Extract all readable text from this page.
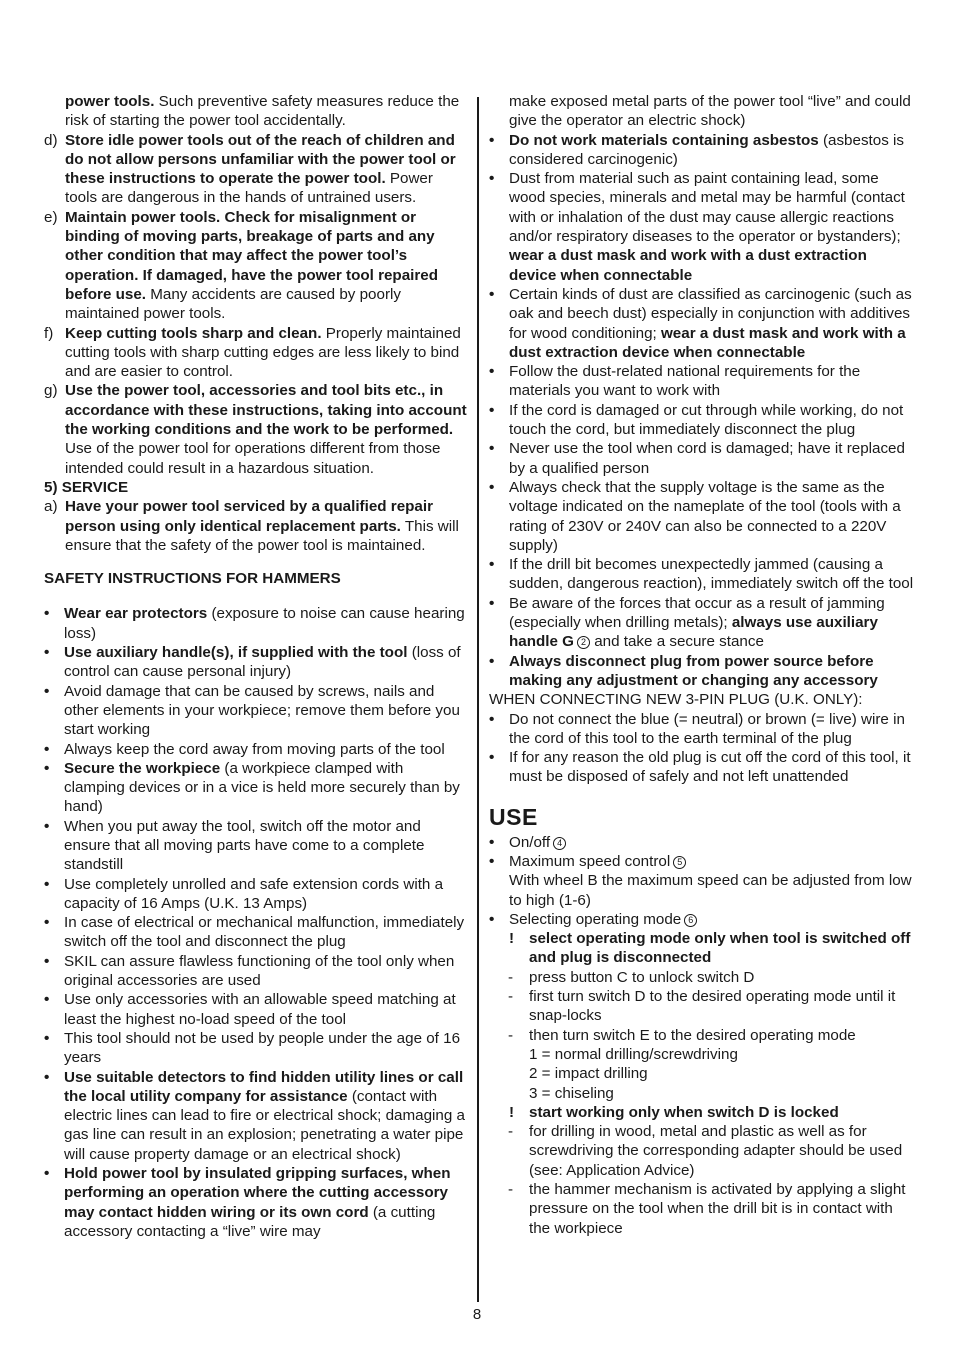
power tools. Such preventive safety measures reduce the risk of starting the power tool accidentally.

d) Store idle power tools out of the reach of children and do not allow persons unfamiliar with the power tool or these instructions to operate the power tool. Power tools are dangerous in the hands of untrained users.

e) Maintain power tools. Check for misalignment or binding of moving parts, breakage of parts and any other condition that may affect the power tool’s operation. If damaged, have the power tool repaired before use. Many accidents are caused by poorly maintained power tools.

f) Keep cutting tools sharp and clean. Properly maintained cutting tools with sharp cutting edges are less likely to bind and are easier to control.

g) Use the power tool, accessories and tool bits etc., in accordance with these instructions, taking into account the working conditions and the work to be performed. Use of the power tool for operations different from those intended could result in a hazardous situation.

5) SERVICE

a) Have your power tool serviced by a qualified repair person using only identical replacement parts. This will ensure that the safety of the power tool is maintained.

SAFETY INSTRUCTIONS FOR HAMMERS

• Wear ear protectors (exposure to noise can cause hearing loss)

• Use auxiliary handle(s), if supplied with the tool (loss of control can cause personal injury)

• Avoid damage that can be caused by screws, nails and other elements in your workpiece; remove them before you start working

• Always keep the cord away from moving parts of the tool

• Secure the workpiece (a workpiece clamped with clamping devices or in a vice is held more securely than by hand)

• When you put away the tool, switch off the motor and ensure that all moving parts have come to a complete standstill

• Use completely unrolled and safe extension cords with a capacity of 16 Amps (U.K. 13 Amps)

• In case of electrical or mechanical malfunction, immediately switch off the tool and disconnect the plug

• SKIL can assure flawless functioning of the tool only when original accessories are used

• Use only accessories with an allowable speed matching at least the highest no-load speed of the tool

• This tool should not be used by people under the age of 16 years

• Use suitable detectors to find hidden utility lines or call the local utility company for assistance (contact with electric lines can lead to fire or electrical shock; damaging a gas line can result in an explosion; penetrating a water pipe will cause property damage or an electrical shock)

• Hold power tool by insulated gripping surfaces, when performing an operation where the cutting accessory may contact hidden wiring or its own cord (a cutting accessory contacting a “live” wire may

make exposed metal parts of the power tool “live” and could give the operator an electric shock)

• Do not work materials containing asbestos (asbestos is considered carcinogenic)

• Dust from material such as paint containing lead, some wood species, minerals and metal may be harmful (contact with or inhalation of the dust may cause allergic reactions and/or respiratory diseases to the operator or bystanders); wear a dust mask and work with a dust extraction device when connectable

• Certain kinds of dust are classified as carcinogenic (such as oak and beech dust) especially in conjunction with additives for wood conditioning; wear a dust mask and work with a dust extraction device when connectable

• Follow the dust-related national requirements for the materials you want to work with

• If the cord is damaged or cut through while working, do not touch the cord, but immediately disconnect the plug

• Never use the tool when cord is damaged; have it replaced by a qualified person

• Always check that the supply voltage is the same as the voltage indicated on the nameplate of the tool (tools with a rating of 230V or 240V can also be connected to a 220V supply)

• If the drill bit becomes unexpectedly jammed (causing a sudden, dangerous reaction), immediately switch off the tool

• Be aware of the forces that occur as a result of jamming (especially when drilling metals); always use auxiliary handle G 2 and take a secure stance

• Always disconnect plug from power source before making any adjustment or changing any accessory

WHEN CONNECTING NEW 3-PIN PLUG (U.K. ONLY):

• Do not connect the blue (= neutral) or brown (= live) wire in the cord of this tool to the earth terminal of the plug

• If for any reason the old plug is cut off the cord of this tool, it must be disposed of safely and not left unattended

USE

• On/off 4

• Maximum speed control 5
With wheel B the maximum speed can be adjusted from low to high (1-6)

• Selecting operating mode 6

! select operating mode only when tool is switched off and plug is disconnected

- press button C to unlock switch D

- first turn switch D to the desired operating mode until it snap-locks

- then turn switch E to the desired operating mode
1 = normal drilling/screwdriving
2 = impact drilling
3 = chiseling

! start working only when switch D is locked

- for drilling in wood, metal and plastic as well as for screwdriving the corresponding adapter should be used (see: Application Advice)

- the hammer mechanism is activated by applying a slight pressure on the tool when the drill bit is in contact with the workpiece

8
